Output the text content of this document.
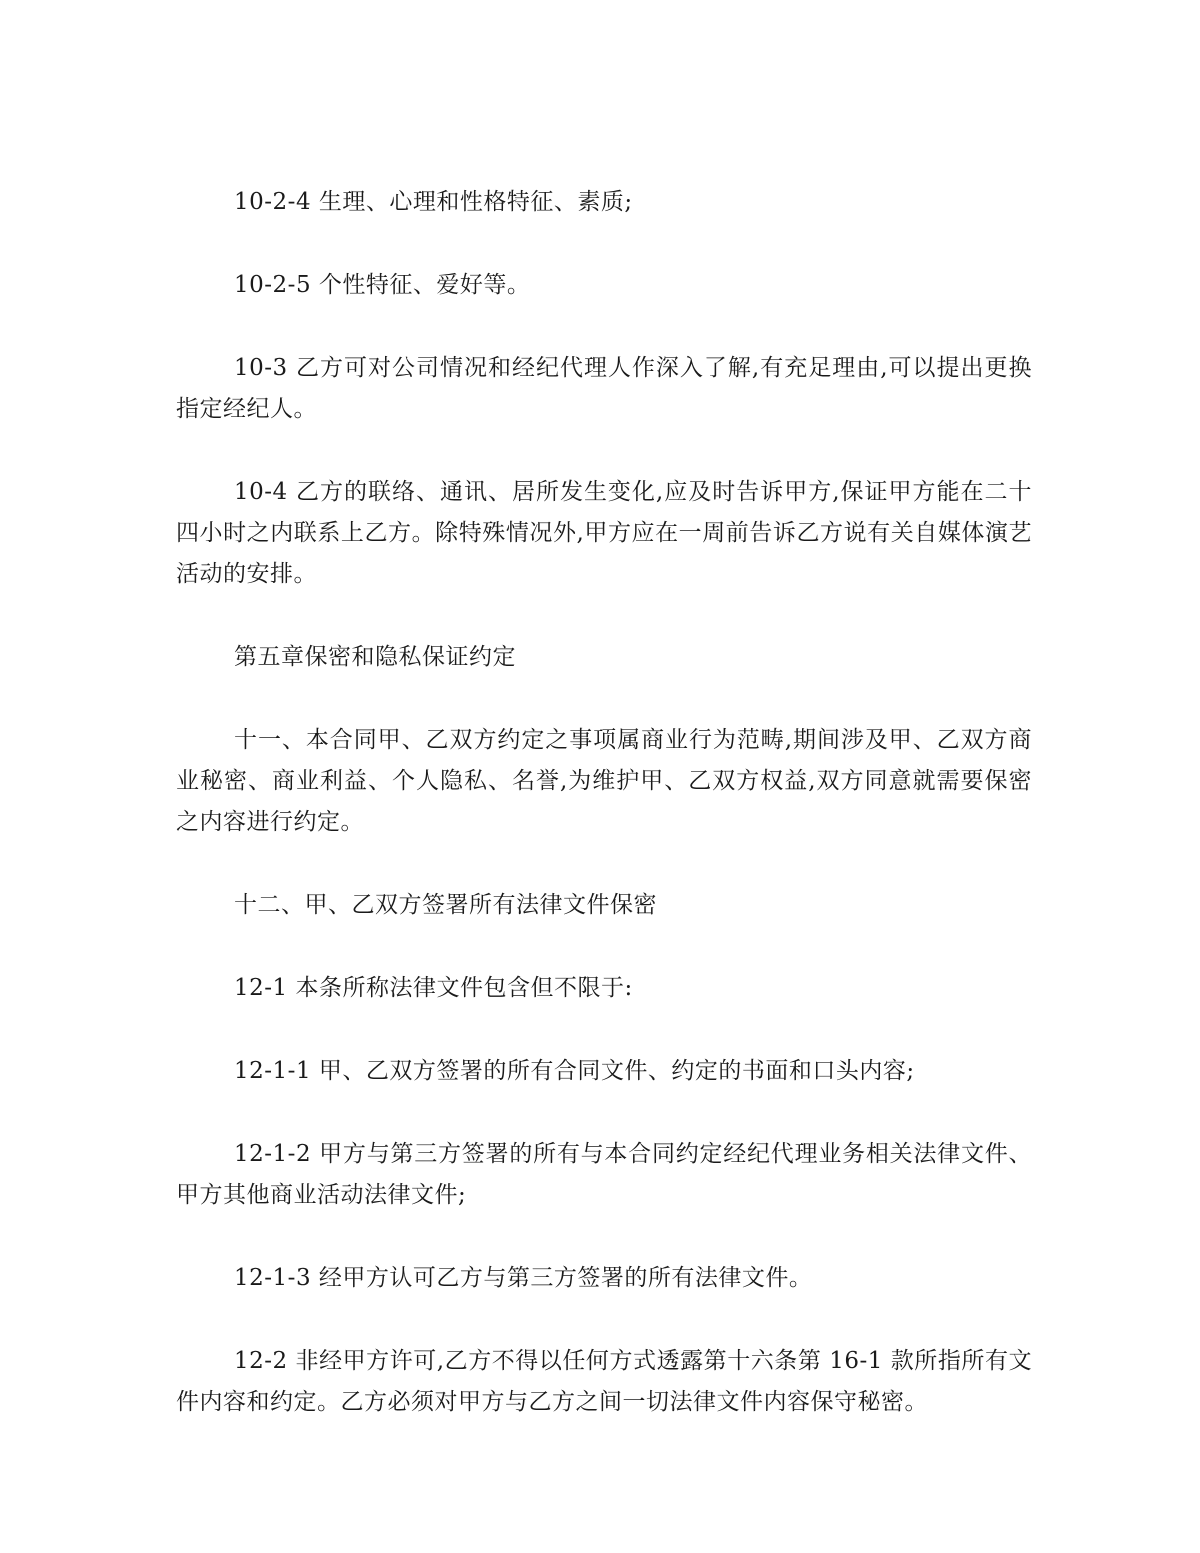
10-2-4 生理、心理和性格特征、素质;

10-2-5 个性特征、爱好等。

10-3 乙方可对公司情况和经纪代理人作深入了解,有充足理由,可以提出更换指定经纪人。

10-4 乙方的联络、通讯、居所发生变化,应及时告诉甲方,保证甲方能在二十四小时之内联系上乙方。除特殊情况外,甲方应在一周前告诉乙方说有关自媒体演艺活动的安排。

第五章保密和隐私保证约定

十一、本合同甲、乙双方约定之事项属商业行为范畴,期间涉及甲、乙双方商业秘密、商业利益、个人隐私、名誉,为维护甲、乙双方权益,双方同意就需要保密之内容进行约定。

十二、甲、乙双方签署所有法律文件保密

12-1 本条所称法律文件包含但不限于:

12-1-1 甲、乙双方签署的所有合同文件、约定的书面和口头内容;

12-1-2 甲方与第三方签署的所有与本合同约定经纪代理业务相关法律文件、甲方其他商业活动法律文件;

12-1-3 经甲方认可乙方与第三方签署的所有法律文件。

12-2 非经甲方许可,乙方不得以任何方式透露第十六条第 16-1 款所指所有文件内容和约定。乙方必须对甲方与乙方之间一切法律文件内容保守秘密。
